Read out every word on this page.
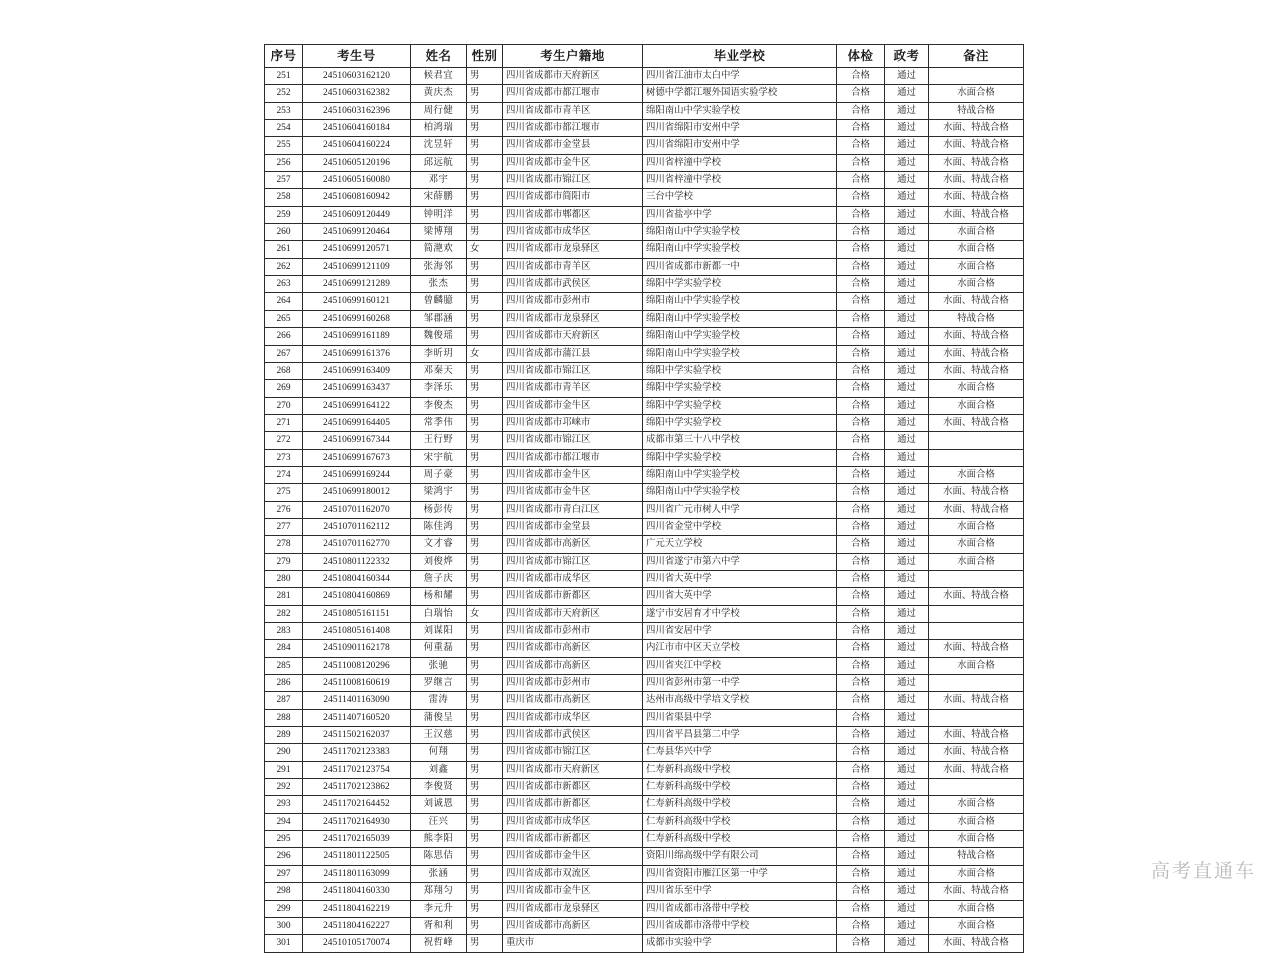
序号	考生号	姓名	性别	考生户籍地	毕业学校	体检	政考	备注
251	24510603162120	候君宜	男	四川省成都市天府新区	四川省江油市太白中学	合格	通过	
252	24510603162382	黄庆杰	男	四川省成都市都江堰市	树德中学都江堰外国语实验学校	合格	通过	水面合格
253	24510603162396	周行健	男	四川省成都市青羊区	绵阳南山中学实验学校	合格	通过	特战合格
254	24510604160184	柏鸿瑞	男	四川省成都市都江堰市	四川省绵阳市安州中学	合格	通过	水面、特战合格
255	24510604160224	沈昱轩	男	四川省成都市金堂县	四川省绵阳市安州中学	合格	通过	水面、特战合格
256	24510605120196	邱远航	男	四川省成都市金牛区	四川省梓潼中学校	合格	通过	水面、特战合格
257	24510605160080	邓宇	男	四川省成都市锦江区	四川省梓潼中学校	合格	通过	水面、特战合格
258	24510608160942	宋薛鹏	男	四川省成都市简阳市	三台中学校	合格	通过	水面、特战合格
259	24510609120449	钟明洋	男	四川省成都市郫都区	四川省盐亭中学	合格	通过	水面、特战合格
260	24510699120464	梁博翔	男	四川省成都市成华区	绵阳南山中学实验学校	合格	通过	水面合格
261	24510699120571	简滟欢	女	四川省成都市龙泉驿区	绵阳南山中学实验学校	合格	通过	水面合格
262	24510699121109	张海邻	男	四川省成都市青羊区	四川省成都市新都一中	合格	通过	水面合格
263	24510699121289	张杰	男	四川省成都市武侯区	绵阳中学实验学校	合格	通过	水面合格
264	24510699160121	曾麟臆	男	四川省成都市彭州市	绵阳南山中学实验学校	合格	通过	水面、特战合格
265	24510699160268	邹郡涵	男	四川省成都市龙泉驿区	绵阳南山中学实验学校	合格	通过	特战合格
266	24510699161189	魏俊瑶	男	四川省成都市天府新区	绵阳南山中学实验学校	合格	通过	水面、特战合格
267	24510699161376	李昕玥	女	四川省成都市蒲江县	绵阳南山中学实验学校	合格	通过	水面、特战合格
268	24510699163409	邓秦天	男	四川省成都市锦江区	绵阳中学实验学校	合格	通过	水面、特战合格
269	24510699163437	李泽乐	男	四川省成都市青羊区	绵阳中学实验学校	合格	通过	水面合格
270	24510699164122	李俊杰	男	四川省成都市金牛区	绵阳中学实验学校	合格	通过	水面合格
271	24510699164405	常季伟	男	四川省成都市邛崃市	绵阳中学实验学校	合格	通过	水面、特战合格
272	24510699167344	王行野	男	四川省成都市锦江区	成都市第三十八中学校	合格	通过	
273	24510699167673	宋宇航	男	四川省成都市都江堰市	绵阳中学实验学校	合格	通过	
274	24510699169244	周子豪	男	四川省成都市金牛区	绵阳南山中学实验学校	合格	通过	水面合格
275	24510699180012	梁鸿宇	男	四川省成都市金牛区	绵阳南山中学实验学校	合格	通过	水面、特战合格
276	24510701162070	杨彭传	男	四川省成都市青白江区	四川省广元市树人中学	合格	通过	水面、特战合格
277	24510701162112	陈佳鸿	男	四川省成都市金堂县	四川省金堂中学校	合格	通过	水面合格
278	24510701162770	文才睿	男	四川省成都市高新区	广元天立学校	合格	通过	水面合格
279	24510801122332	刘俊烨	男	四川省成都市锦江区	四川省遂宁市第六中学	合格	通过	水面合格
280	24510804160344	詹子庆	男	四川省成都市成华区	四川省大英中学	合格	通过	
281	24510804160869	杨和耀	男	四川省成都市新都区	四川省大英中学	合格	通过	水面、特战合格
282	24510805161151	白瑞怡	女	四川省成都市天府新区	遂宁市安居育才中学校	合格	通过	
283	24510805161408	刘谋阳	男	四川省成都市彭州市	四川省安居中学	合格	通过	
284	24510901162178	何重磊	男	四川省成都市高新区	内江市市中区天立学校	合格	通过	水面、特战合格
285	24511008120296	张驰	男	四川省成都市高新区	四川省夹江中学校	合格	通过	水面合格
286	24511008160619	罗继言	男	四川省成都市彭州市	四川省彭州市第一中学	合格	通过	
287	24511401163090	雷涛	男	四川省成都市高新区	达州市高级中学培文学校	合格	通过	水面、特战合格
288	24511407160520	蒲俊呈	男	四川省成都市成华区	四川省渠县中学	合格	通过	
289	24511502162037	王汉慈	男	四川省成都市武侯区	四川省平昌县第二中学	合格	通过	水面、特战合格
290	24511702123383	何翔	男	四川省成都市锦江区	仁寿县华兴中学	合格	通过	水面、特战合格
291	24511702123754	刘鑫	男	四川省成都市天府新区	仁寿新科高级中学校	合格	通过	水面、特战合格
292	24511702123862	李俊贤	男	四川省成都市新都区	仁寿新科高级中学校	合格	通过	
293	24511702164452	刘诚恩	男	四川省成都市新都区	仁寿新科高级中学校	合格	通过	水面合格
294	24511702164930	汪兴	男	四川省成都市成华区	仁寿新科高级中学校	合格	通过	水面合格
295	24511702165039	熊李阳	男	四川省成都市新都区	仁寿新科高级中学校	合格	通过	水面合格
296	24511801122505	陈思佶	男	四川省成都市金牛区	资阳川绵高级中学有限公司	合格	通过	特战合格
297	24511801163099	张涵	男	四川省成都市双流区	四川省资阳市雁江区第一中学	合格	通过	水面合格
298	24511804160330	郑翔匀	男	四川省成都市金牛区	四川省乐至中学	合格	通过	水面、特战合格
299	24511804162219	李元升	男	四川省成都市龙泉驿区	四川省成都市洛带中学校	合格	通过	水面合格
300	24511804162227	胥和利	男	四川省成都市高新区	四川省成都市洛带中学校	合格	通过	水面合格
301	24510105170074	祝哲峰	男	重庆市	成都市实验中学	合格	通过	水面、特战合格
高考直通车
